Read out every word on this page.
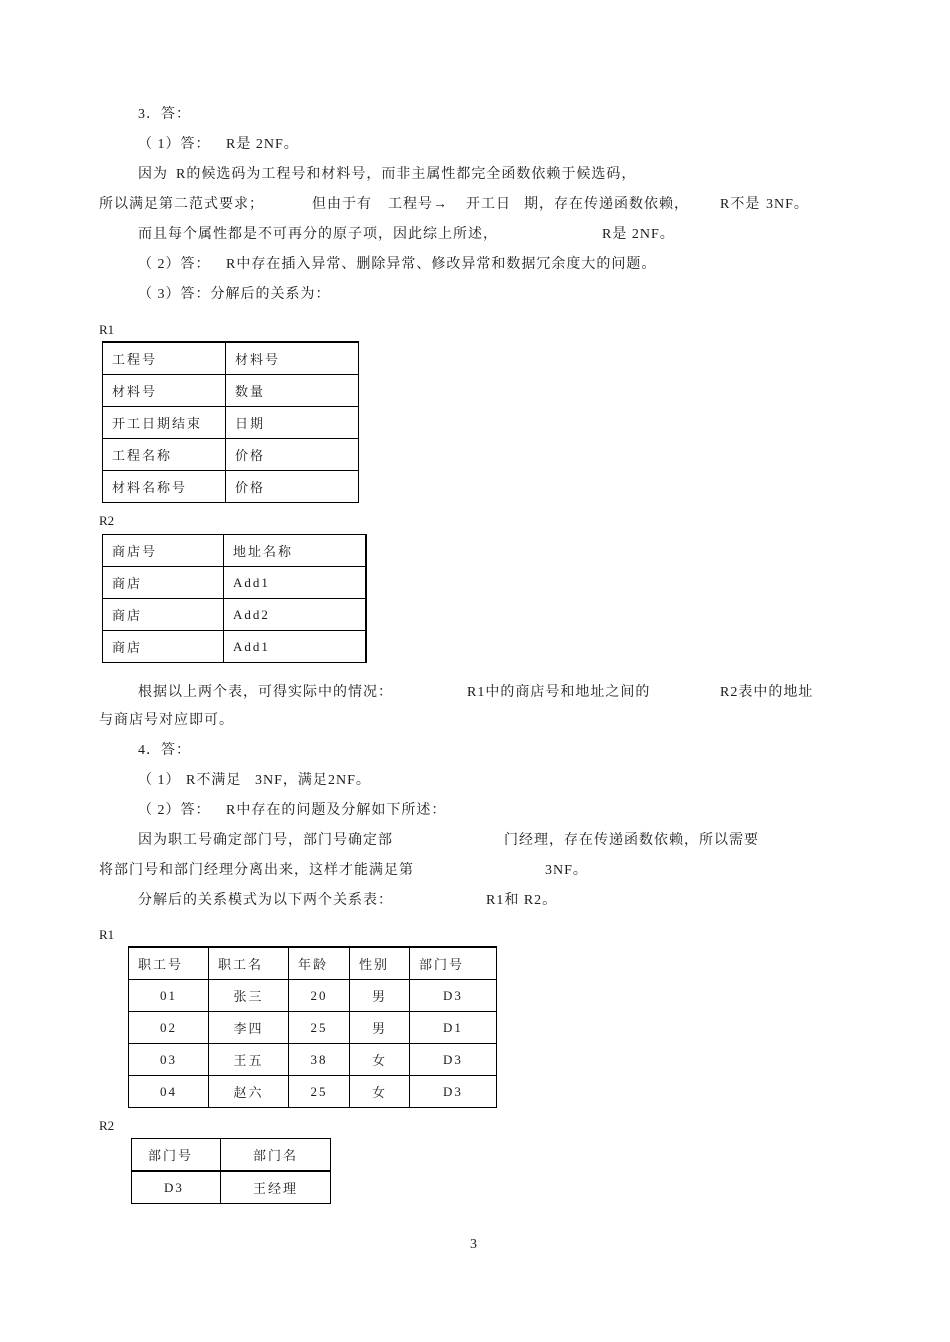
3．答：
（ 1）答： R是 2NF。
因为 R的候选码为工程号和材料号，而非主属性都完全函数依赖于候选码，
所以满足第二范式要求；	但由于有 工程号→ 开工日 期，存在传递函数依赖， R不是 3NF。
而且每个属性都是不可再分的原子项，因此综上所述，	R是 2NF。
（ 2）答： R中存在插入异常、删除异常、修改异常和数据冗余度大的问题。
（ 3）答：分解后的关系为：
根据以上两个表，可得实际中的情况：	R1中的商店号和地址之间的	R2表中的地址
与商店号对应即可。
4．答：
（ 1） R不满足 3NF，满足 2NF。
（ 2）答： R中存在的问题及分解如下所述：
因为职工号确定部门号，部门号确定部	门经理，存在传递函数依赖，所以需要
将部门号和部门经理分离出来，这样才能满足第	3NF。
分解后的关系模式为以下两个关系表：	R1和 R2。
R1
工程号	材料号
材料号	数量
开工日期结束	日期
工程名称	价格
材料名称号	价格
R2
商店号	地址名称
商店	Add1
商店	Add2
商店	Add1
R1
职工号	职工名	年龄	性别	部门号
01	张三	20	男	D3
02	李四	25	男	D1
03	王五	38	女	D3
04	赵六	25	女	D3
R2
部门号	部门名
D3	王经理
3
